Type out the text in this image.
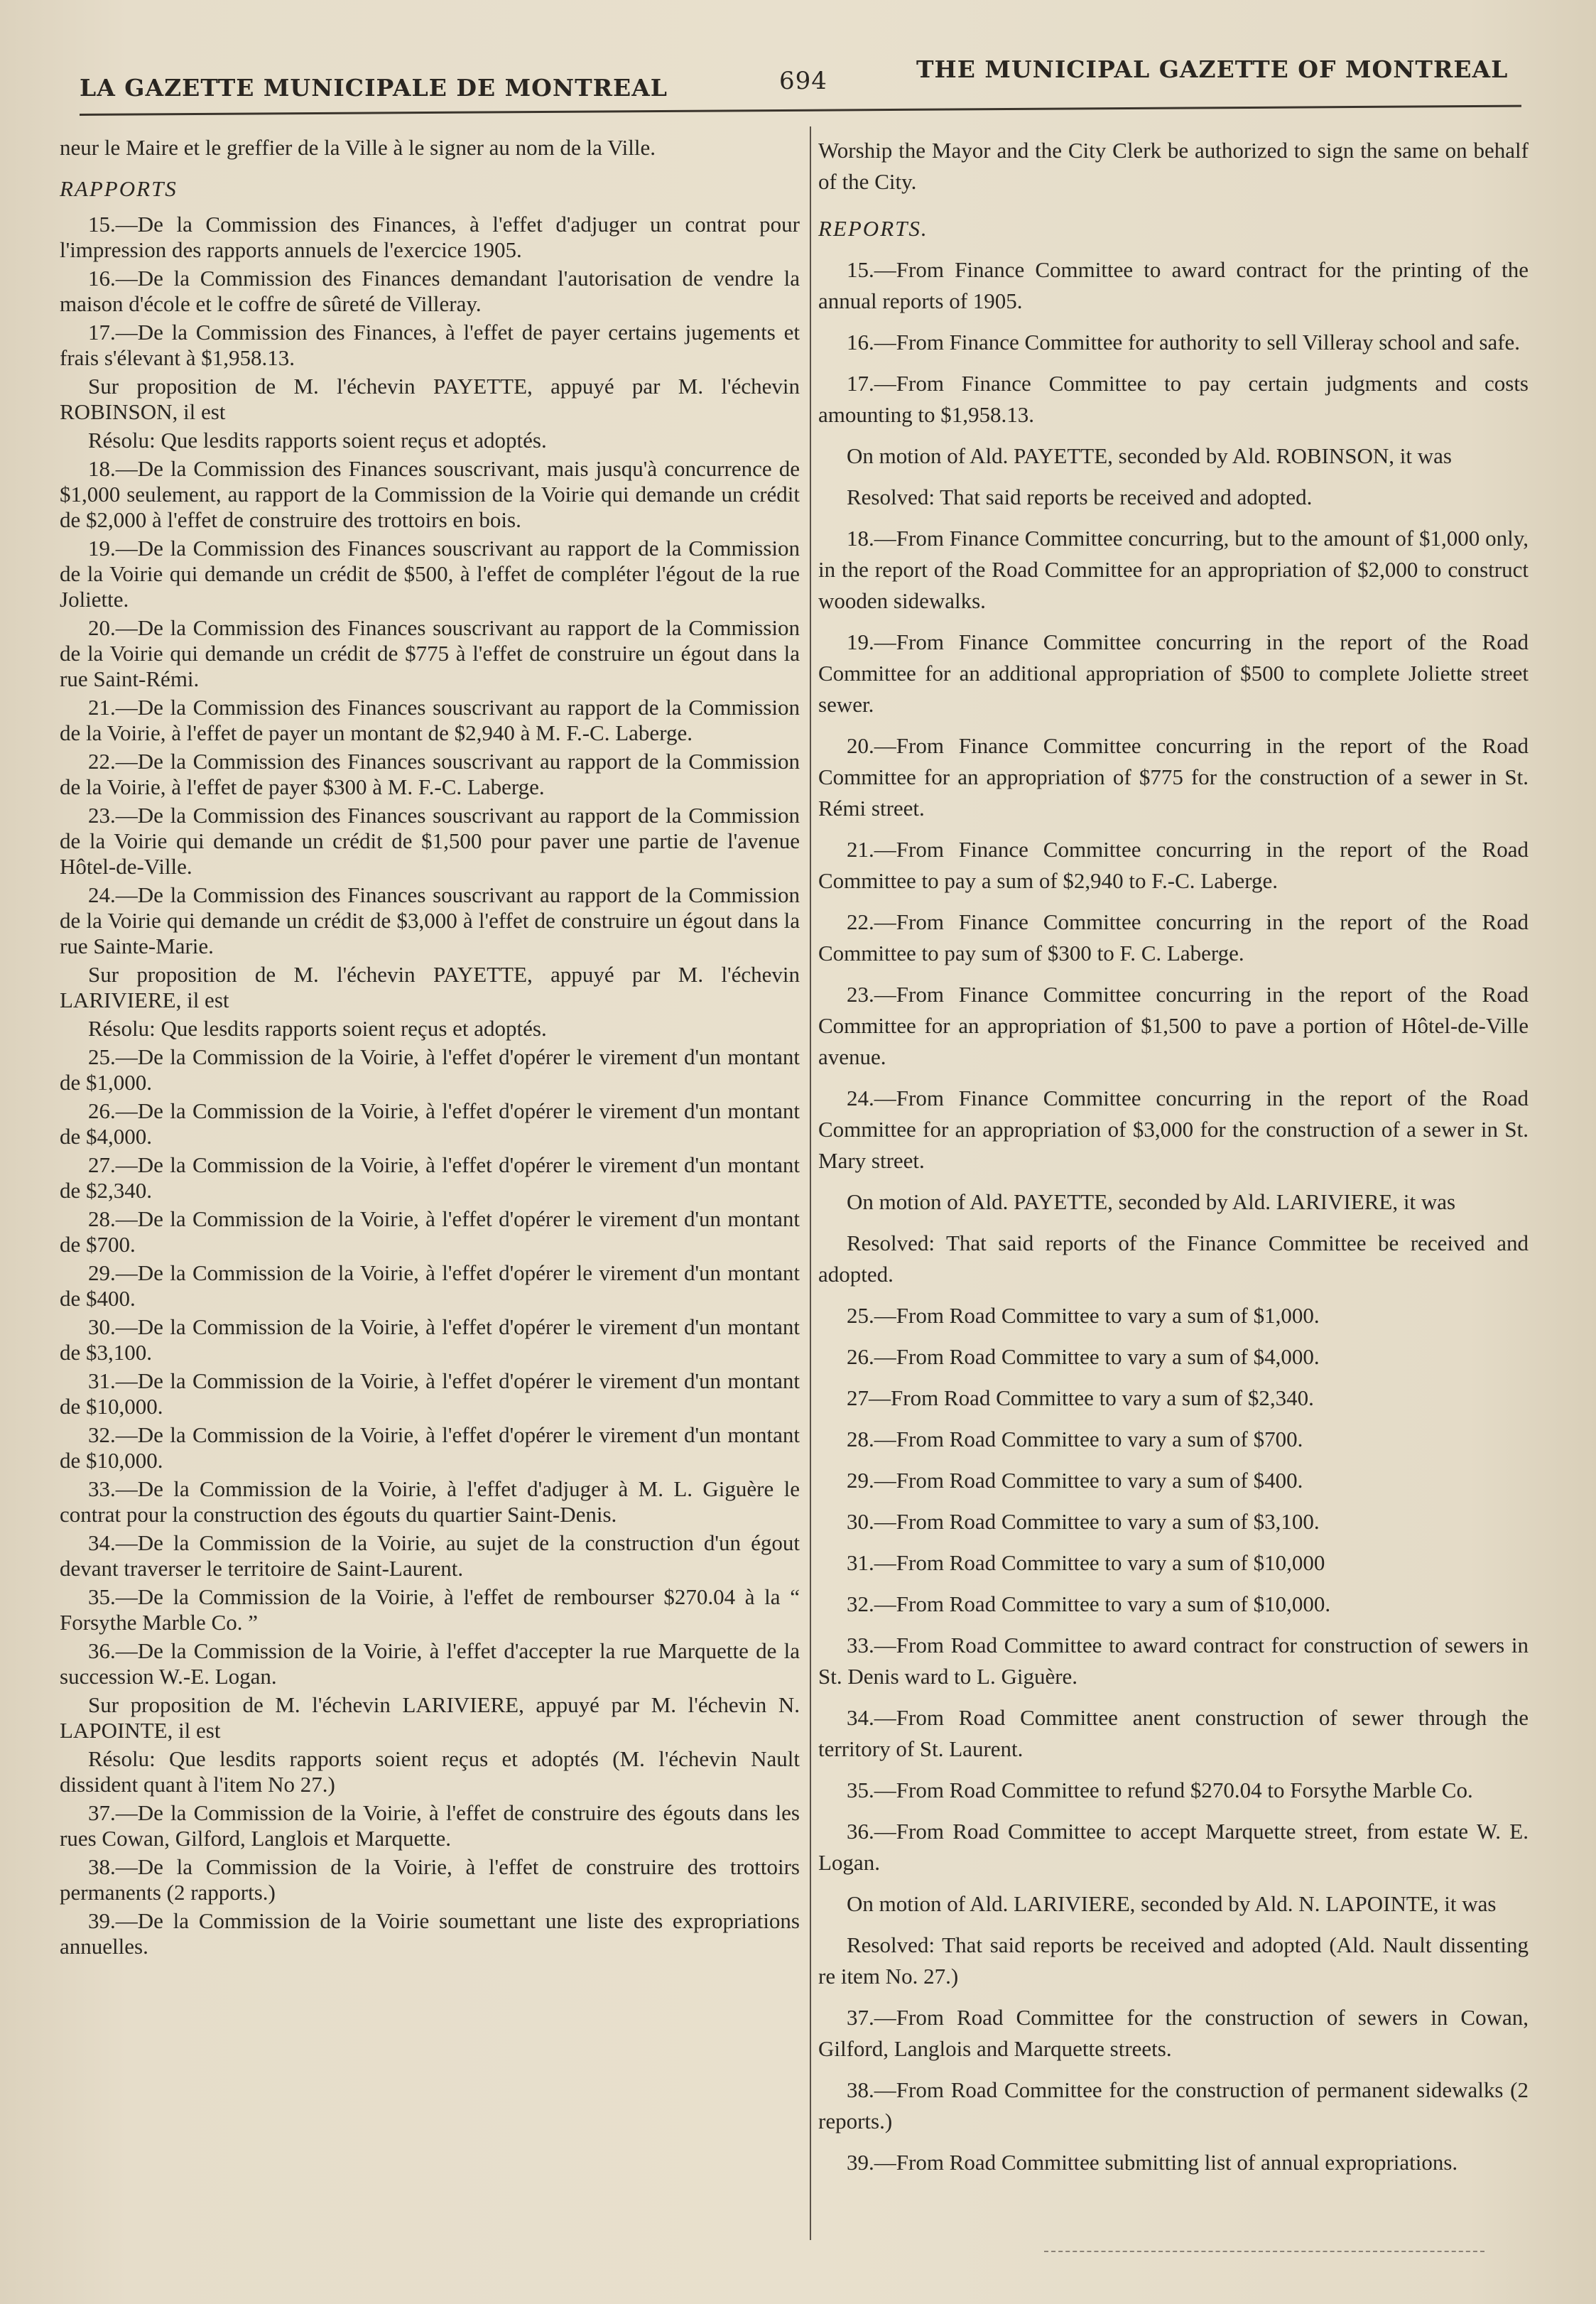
LA GAZETTE MUNICIPALE DE MONTREAL	694	THE MUNICIPAL GAZETTE OF MONTREAL

neur le Maire et le greffier de la Ville à le signer au nom de la Ville.

RAPPORTS

15.—De la Commission des Finances, à l'effet d'adjuger un contrat pour l'impression des rapports annuels de l'exercice 1905.

16.—De la Commission des Finances demandant l'autorisation de vendre la maison d'école et le coffre de sûreté de Villeray.

17.—De la Commission des Finances, à l'effet de payer certains jugements et frais s'élevant à $1,958.13.

Sur proposition de M. l'échevin PAYETTE, appuyé par M. l'échevin ROBINSON, il est

Résolu: Que lesdits rapports soient reçus et adoptés.

18.—De la Commission des Finances souscrivant, mais jusqu'à concurrence de $1,000 seulement, au rapport de la Commission de la Voirie qui demande un crédit de $2,000 à l'effet de construire des trottoirs en bois.

19.—De la Commission des Finances souscrivant au rapport de la Commission de la Voirie qui demande un crédit de $500, à l'effet de compléter l'égout de la rue Joliette.

20.—De la Commission des Finances souscrivant au rapport de la Commission de la Voirie qui demande un crédit de $775 à l'effet de construire un égout dans la rue Saint-Rémi.

21.—De la Commission des Finances souscrivant au rapport de la Commission de la Voirie, à l'effet de payer un montant de $2,940 à M. F.-C. Laberge.

22.—De la Commission des Finances souscrivant au rapport de la Commission de la Voirie, à l'effet de payer $300 à M. F.-C. Laberge.

23.—De la Commission des Finances souscrivant au rapport de la Commission de la Voirie qui demande un crédit de $1,500 pour paver une partie de l'avenue Hôtel-de-Ville.

24.—De la Commission des Finances souscrivant au rapport de la Commission de la Voirie qui demande un crédit de $3,000 à l'effet de construire un égout dans la rue Sainte-Marie.

Sur proposition de M. l'échevin PAYETTE, appuyé par M. l'échevin LARIVIERE, il est

Résolu: Que lesdits rapports soient reçus et adoptés.

25.—De la Commission de la Voirie, à l'effet d'opérer le virement d'un montant de $1,000.

26.—De la Commission de la Voirie, à l'effet d'opérer le virement d'un montant de $4,000.

27.—De la Commission de la Voirie, à l'effet d'opérer le virement d'un montant de $2,340.

28.—De la Commission de la Voirie, à l'effet d'opérer le virement d'un montant de $700.

29.—De la Commission de la Voirie, à l'effet d'opérer le virement d'un montant de $400.

30.—De la Commission de la Voirie, à l'effet d'opérer le virement d'un montant de $3,100.

31.—De la Commission de la Voirie, à l'effet d'opérer le virement d'un montant de $10,000.

32.—De la Commission de la Voirie, à l'effet d'opérer le virement d'un montant de $10,000.

33.—De la Commission de la Voirie, à l'effet d'adjuger à M. L. Giguère le contrat pour la construction des égouts du quartier Saint-Denis.

34.—De la Commission de la Voirie, au sujet de la construction d'un égout devant traverser le territoire de Saint-Laurent.

35.—De la Commission de la Voirie, à l'effet de rembourser $270.04 à la “ Forsythe Marble Co. ”

36.—De la Commission de la Voirie, à l'effet d'accepter la rue Marquette de la succession W.-E. Logan.

Sur proposition de M. l'échevin LARIVIERE, appuyé par M. l'échevin N. LAPOINTE, il est

Résolu: Que lesdits rapports soient reçus et adoptés (M. l'échevin Nault dissident quant à l'item No 27.)

37.—De la Commission de la Voirie, à l'effet de construire des égouts dans les rues Cowan, Gilford, Langlois et Marquette.

38.—De la Commission de la Voirie, à l'effet de construire des trottoirs permanents (2 rapports.)

39.—De la Commission de la Voirie soumettant une liste des expropriations annuelles.

Worship the Mayor and the City Clerk be authorized to sign the same on behalf of the City.

REPORTS.

15.—From Finance Committee to award contract for the printing of the annual reports of 1905.

16.—From Finance Committee for authority to sell Villeray school and safe.

17.—From Finance Committee to pay certain judgments and costs amounting to $1,958.13.

On motion of Ald. PAYETTE, seconded by Ald. ROBINSON, it was

Resolved: That said reports be received and adopted.

18.—From Finance Committee concurring, but to the amount of $1,000 only, in the report of the Road Committee for an appropriation of $2,000 to construct wooden sidewalks.

19.—From Finance Committee concurring in the report of the Road Committee for an additional appropriation of $500 to complete Joliette street sewer.

20.—From Finance Committee concurring in the report of the Road Committee for an appropriation of $775 for the construction of a sewer in St. Rémi street.

21.—From Finance Committee concurring in the report of the Road Committee to pay a sum of $2,940 to F.-C. Laberge.

22.—From Finance Committee concurring in the report of the Road Committee to pay sum of $300 to F. C. Laberge.

23.—From Finance Committee concurring in the report of the Road Committee for an appropriation of $1,500 to pave a portion of Hôtel-de-Ville avenue.

24.—From Finance Committee concurring in the report of the Road Committee for an appropriation of $3,000 for the construction of a sewer in St. Mary street.

On motion of Ald. PAYETTE, seconded by Ald. LARIVIERE, it was

Resolved: That said reports of the Finance Committee be received and adopted.

25.—From Road Committee to vary a sum of $1,000.

26.—From Road Committee to vary a sum of $4,000.

27—From Road Committee to vary a sum of $2,340.

28.—From Road Committee to vary a sum of $700.

29.—From Road Committee to vary a sum of $400.

30.—From Road Committee to vary a sum of $3,100.

31.—From Road Committee to vary a sum of $10,000

32.—From Road Committee to vary a sum of $10,000.

33.—From Road Committee to award contract for construction of sewers in St. Denis ward to L. Giguère.

34.—From Road Committee anent construction of sewer through the territory of St. Laurent.

35.—From Road Committee to refund $270.04 to Forsythe Marble Co.

36.—From Road Committee to accept Marquette street, from estate W. E. Logan.

On motion of Ald. LARIVIERE, seconded by Ald. N. LAPOINTE, it was

Resolved: That said reports be received and adopted (Ald. Nault dissenting re item No. 27.)

37.—From Road Committee for the construction of sewers in Cowan, Gilford, Langlois and Marquette streets.

38.—From Road Committee for the construction of permanent sidewalks (2 reports.)

39.—From Road Committee submitting list of annual expropriations.
